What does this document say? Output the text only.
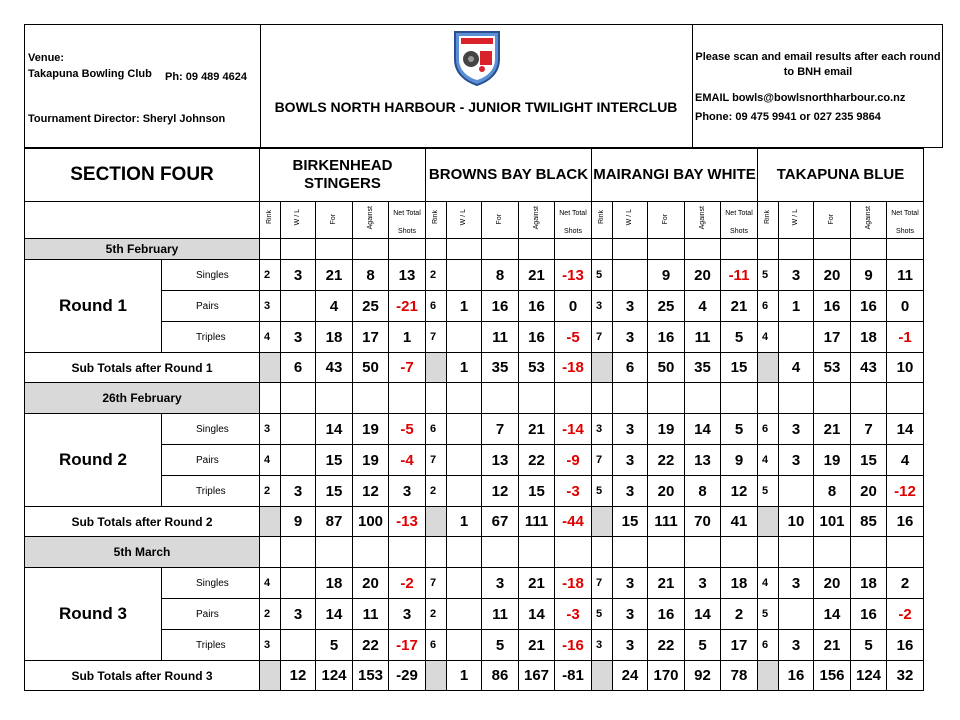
Venue:
Takapuna Bowling Club Ph: 09 489 4624
Tournament Director: Sheryl Johnson
BOWLS NORTH HARBOUR - JUNIOR TWILIGHT INTERCLUB
Please scan and email results after each round to BNH email
EMAIL bowls@bowlsnorthharbour.co.nz
Phone: 09 475 9941 or 027 235 9864
SECTION FOUR		BIRKENHEAD STINGERS					BROWNS BAY BLACK					MAIRANGI BAY WHITE					TAKAPUNA BLUE				
		Rink	W / L	For	Against	Net Total Shots	Rink	W / L	For	Against	Net Total Shots	Rink	W / L	For	Against	Net Total Shots	Rink	W / L	For	Against	Net Total Shots
5th February																					
Round 1	Singles	2	3	21	8	13	2		8	21	-13	5		9	20	-11	5	3	20	9	11
	Pairs	3		4	25	-21	6	1	16	16	0	3	3	25	4	21	6	1	16	16	0
	Triples	4	3	18	17	1	7		11	16	-5	7	3	16	11	5	4		17	18	-1
Sub Totals after Round 1			6	43	50	-7		1	35	53	-18		6	50	35	15		4	53	43	10
26th February																					
Round 2	Singles	3		14	19	-5	6		7	21	-14	3	3	19	14	5	6	3	21	7	14
	Pairs	4		15	19	-4	7		13	22	-9	7	3	22	13	9	4	3	19	15	4
	Triples	2	3	15	12	3	2		12	15	-3	5	3	20	8	12	5		8	20	-12
Sub Totals after Round 2			9	87	100	-13		1	67	111	-44		15	111	70	41		10	101	85	16
5th March																					
Round 3	Singles	4		18	20	-2	7		3	21	-18	7	3	21	3	18	4	3	20	18	2
	Pairs	2	3	14	11	3	2		11	14	-3	5	3	16	14	2	5		14	16	-2
	Triples	3		5	22	-17	6		5	21	-16	3	3	22	5	17	6	3	21	5	16
Sub Totals after Round 3			12	124	153	-29		1	86	167	-81		24	170	92	78		16	156	124	32
